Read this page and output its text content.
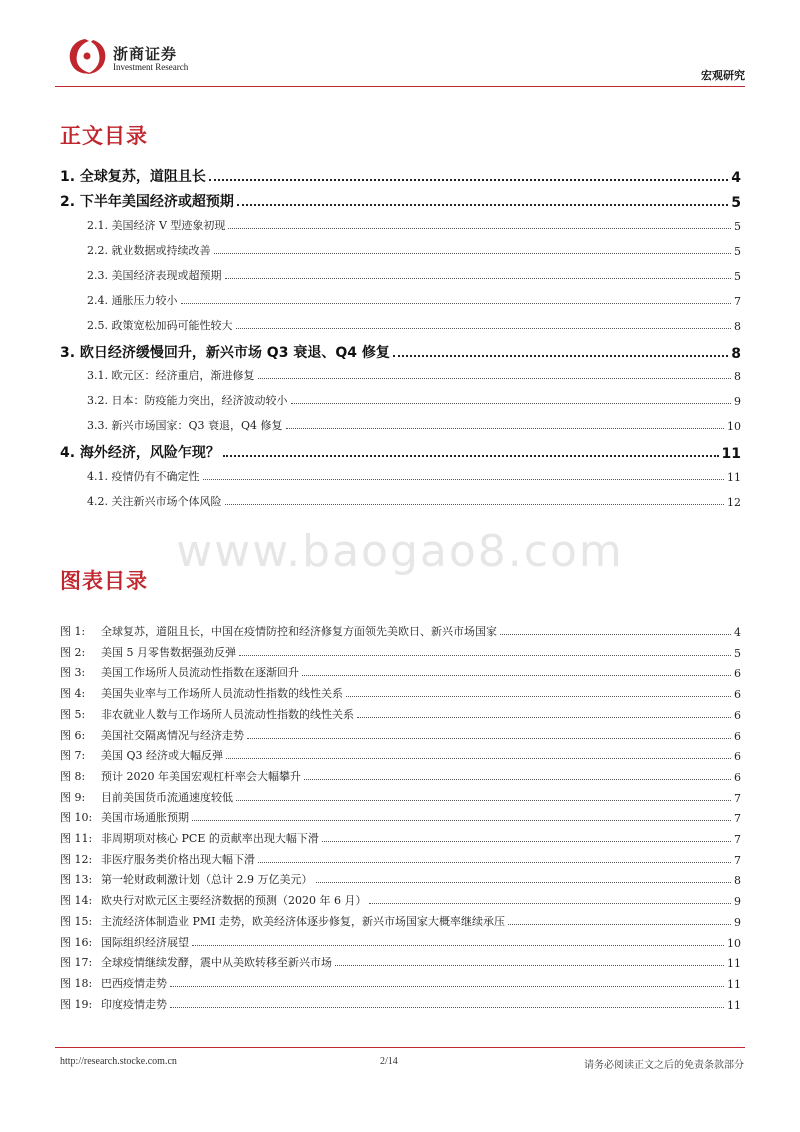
浙商证券
Investment Research
宏观研究
正文目录
1. 全球复苏，道阻且长	4
2. 下半年美国经济或超预期	5
2.1. 美国经济 V 型迹象初现	5
2.2. 就业数据或持续改善	5
2.3. 美国经济表现或超预期	5
2.4. 通胀压力较小	7
2.5. 政策宽松加码可能性较大	8
3. 欧日经济缓慢回升，新兴市场 Q3 衰退、Q4 修复	8
3.1. 欧元区：经济重启，渐进修复	8
3.2. 日本：防疫能力突出，经济波动较小	9
3.3. 新兴市场国家：Q3 衰退，Q4 修复	10
4. 海外经济，风险乍现？	11
4.1. 疫情仍有不确定性	11
4.2. 关注新兴市场个体风险	12
www.baogao8.com
图表目录
图 1: 全球复苏，道阻且长，中国在疫情防控和经济修复方面领先美欧日、新兴市场国家	4
图 2: 美国 5 月零售数据强劲反弹	5
图 3: 美国工作场所人员流动性指数在逐渐回升	6
图 4: 美国失业率与工作场所人员流动性指数的线性关系	6
图 5: 非农就业人数与工作场所人员流动性指数的线性关系	6
图 6: 美国社交隔离情况与经济走势	6
图 7: 美国 Q3 经济或大幅反弹	6
图 8: 预计 2020 年美国宏观杠杆率会大幅攀升	6
图 9: 目前美国货币流通速度较低	7
图 10: 美国市场通胀预期	7
图 11: 非周期项对核心 PCE 的贡献率出现大幅下滑	7
图 12: 非医疗服务类价格出现大幅下滑	7
图 13: 第一轮财政刺激计划（总计 2.9 万亿美元）	8
图 14: 欧央行对欧元区主要经济数据的预测（2020 年 6 月）	9
图 15: 主流经济体制造业 PMI 走势，欧美经济体逐步修复，新兴市场国家大概率继续承压	9
图 16: 国际组织经济展望	10
图 17: 全球疫情继续发酵，震中从美欧转移至新兴市场	11
图 18: 巴西疫情走势	11
图 19: 印度疫情走势	11
http://research.stocke.com.cn	2/14	请务必阅读正文之后的免责条款部分
